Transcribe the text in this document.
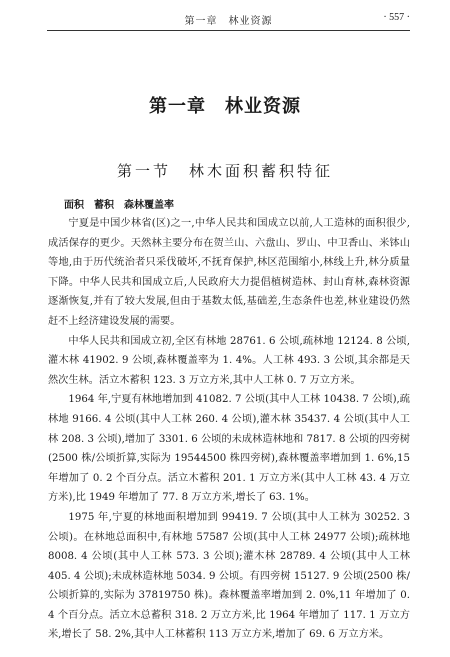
第一章　林业资源	· 557 ·
第一章　林业资源
第一节　林木面积蓄积特征
面积　蓄积　森林覆盖率

宁夏是中国少林省(区)之一,中华人民共和国成立以前,人工造林的面积很少,成活保存的更少。天然林主要分布在贺兰山、六盘山、罗山、中卫香山、米钵山等地,由于历代统治者只采伐破坏,不抚育保护,林区范围缩小,林线上升,林分质量下降。中华人民共和国成立后,人民政府大力提倡植树造林、封山育林,森林资源逐渐恢复,并有了较大发展,但由于基数太低,基础差,生态条件也差,林业建设仍然赶不上经济建设发展的需要。

中华人民共和国成立初,全区有林地 28761. 6 公顷,疏林地 12124. 8 公顷,灌木林 41902. 9 公顷,森林覆盖率为 1. 4%。人工林 493. 3 公顷,其余都是天然次生林。活立木蓄积 123. 3 万立方米,其中人工林 0. 7 万立方米。

1964 年,宁夏有林地增加到 41082. 7 公顷(其中人工林 10438. 7 公顷),疏林地 9166. 4 公顷(其中人工林 260. 4 公顷),灌木林 35437. 4 公顷(其中人工林 208. 3 公顷),增加了 3301. 6 公顷的未成林造林地和 7817. 8 公顷的四旁树(2500 株/公顷折算,实际为 19544500 株四旁树),森林覆盖率增加到 1. 6%,15 年增加了 0. 2 个百分点。活立木蓄积 201. 1 万立方米(其中人工林 43. 4 万立方米),比 1949 年增加了 77. 8 万立方米,增长了 63. 1%。

1975 年,宁夏的林地面积增加到 99419. 7 公顷(其中人工林为 30252. 3 公顷)。在林地总面积中,有林地 57587 公顷(其中人工林 24977 公顷);疏林地 8008. 4 公顷(其中人工林 573. 3 公顷);灌木林 28789. 4 公顷(其中人工林 405. 4 公顷);未成林造林地 5034. 9 公顷。有四旁树 15127. 9 公顷(2500 株/公顷折算的,实际为 37819750 株)。森林覆盖率增加到 2. 0%,11 年增加了 0. 4 个百分点。活立木总蓄积 318. 2 万立方米,比 1964 年增加了 117. 1 万立方米,增长了 58. 2%,其中人工林蓄积 113 万立方米,增加了 69. 6 万立方米。
